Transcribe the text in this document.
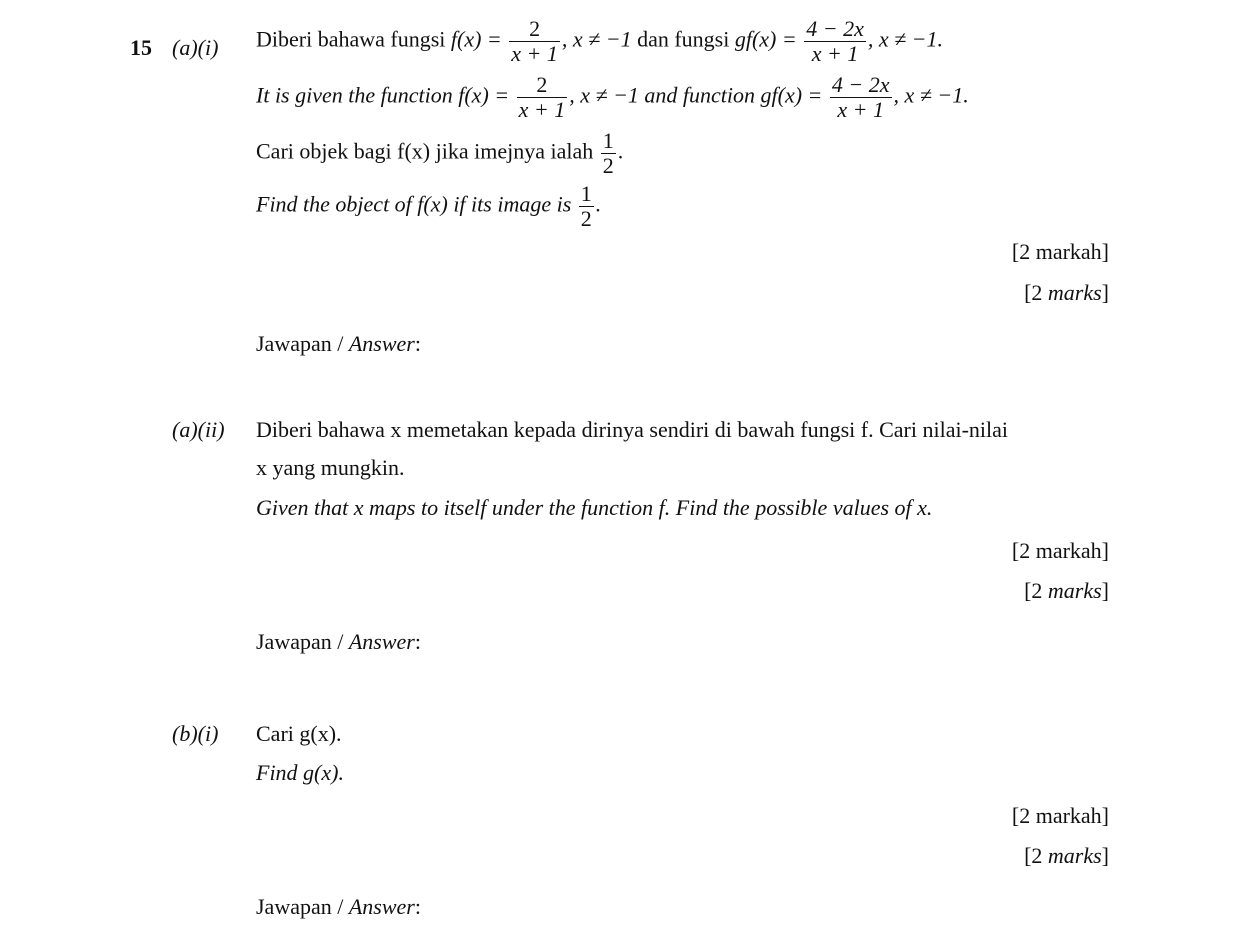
15 (a)(i) Diberi bahawa fungsi $f(x) = \frac{2}{x + 1}$ , x ≠ −1 dan fungsi $gf(x) = \frac{4 - 2x}{x + 1}$ , x ≠ −1.
It is given the function $f(x) = \frac{2}{x + 1}$ , x ≠ −1 and function $gf(x) = \frac{4 - 2x}{x + 1}$ , x ≠ −1.
Cari objek bagi f(x) jika imejnya ialah $\frac{1}{2}$ .
Find the object of f(x) if its image is $\frac{1}{2}$ .
[2 markah]
[2 marks]
Jawapan / Answer:
(a)(ii) Diberi bahawa x memetakan kepada dirinya sendiri di bawah fungsi f. Cari nilai-nilai
x yang mungkin.
Given that x maps to itself under the function f. Find the possible values of x.
[2 markah]
[2 marks]
Jawapan / Answer:
(b)(i) Cari g(x).
Find g(x).
[2 markah]
[2 marks]
Jawapan / Answer:
